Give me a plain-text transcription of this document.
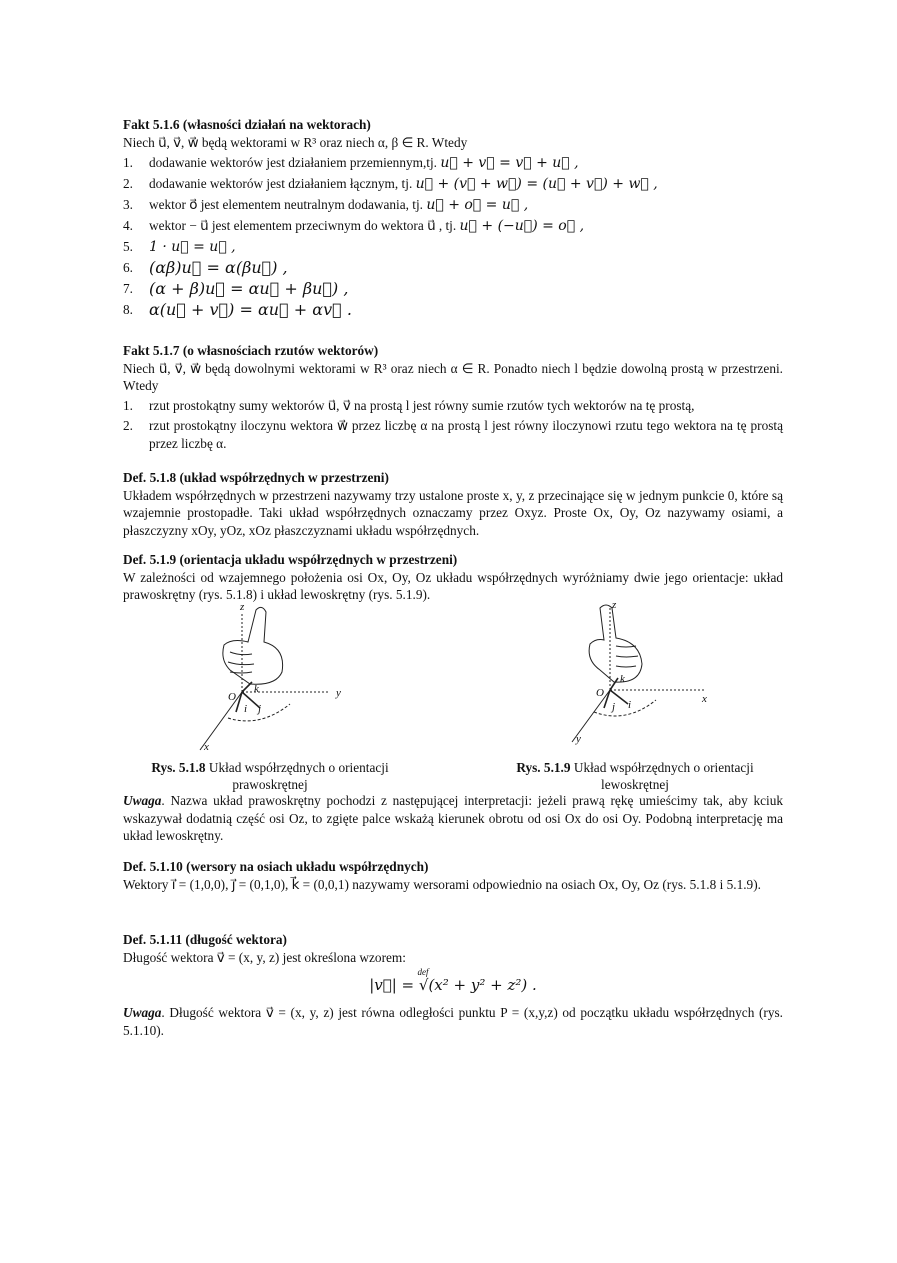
Fakt 5.1.6 (własności działań na wektorach)
Niech u⃗, v⃗, w⃗ będą wektorami w R³ oraz niech α, β ∈ R. Wtedy
1. dodawanie wektorów jest działaniem przemiennym,tj. u⃗ + v⃗ = v⃗ + u⃗ ,
2. dodawanie wektorów jest działaniem łącznym, tj. u⃗ + (v⃗ + w⃗) = (u⃗ + v⃗) + w⃗ ,
3. wektor o⃗ jest elementem neutralnym dodawania, tj. u⃗ + o⃗ = u⃗ ,
4. wektor − u⃗ jest elementem przeciwnym do wektora u⃗ , tj. u⃗ + (−u⃗) = o⃗ ,
5. 1 · u⃗ = u⃗ ,
6. (αβ)u⃗ = α(βu⃗) ,
7. (α + β)u⃗ = αu⃗ + βu⃗) ,
8. α(u⃗ + v⃗) = αu⃗ + αv⃗ .
Fakt 5.1.7 (o własnościach rzutów wektorów)
Niech u⃗, v⃗, w⃗ będą dowolnymi wektorami w R³ oraz niech α ∈ R. Ponadto niech l będzie dowolną prostą w przestrzeni. Wtedy
1. rzut prostokątny sumy wektorów u⃗, v⃗ na prostą l jest równy sumie rzutów tych wektorów na tę prostą,
2. rzut prostokątny iloczynu wektora w⃗ przez liczbę α na prostą l jest równy iloczynowi rzutu tego wektora na tę prostą przez liczbę α.
Def. 5.1.8 (układ współrzędnych w przestrzeni)
Układem współrzędnych w przestrzeni nazywamy trzy ustalone proste x, y, z przecinające się w jednym punkcie 0, które są wzajemnie prostopadłe. Taki układ współrzędnych oznaczamy przez Oxyz. Proste Ox, Oy, Oz nazywamy osiami, a płaszczyzny xOy, yOz, xOz płaszczyznami układu współrzędnych.
Def. 5.1.9 (orientacja układu współrzędnych w przestrzeni)
W zależności od wzajemnego położenia osi Ox, Oy, Oz układu współrzędnych wyróżniamy dwie jego orientacje: układ prawoskrętny (rys. 5.1.8) i układ lewoskrętny (rys. 5.1.9).
z
y
x
O
i⃗ j⃗
k⃗
Rys. 5.1.8 Układ współrzędnych o orientacji prawoskrętnej
z
x
y
O
j⃗ i⃗
k⃗
Rys. 5.1.9 Układ współrzędnych o orientacji lewoskrętnej
Uwaga. Nazwa układ prawoskrętny pochodzi z następującej interpretacji: jeżeli prawą rękę umieścimy tak, aby kciuk wskazywał dodatnią część osi Oz, to zgięte palce wskażą kierunek obrotu od osi Ox do osi Oy. Podobną interpretację ma układ lewoskrętny.
Def. 5.1.10 (wersory na osiach układu współrzędnych)
Wektory i⃗ = (1,0,0), j⃗ = (0,1,0), k⃗ = (0,0,1) nazywamy wersorami odpowiednio na osiach Ox, Oy, Oz (rys. 5.1.8 i 5.1.9).
Def. 5.1.11 (długość wektora)
Długość wektora v⃗ = (x, y, z) jest określona wzorem:
def
|v⃗| = √(x² + y² + z²) .
Uwaga. Długość wektora v⃗ = (x, y, z) jest równa odległości punktu P = (x,y,z) od początku układu współrzędnych (rys. 5.1.10).
